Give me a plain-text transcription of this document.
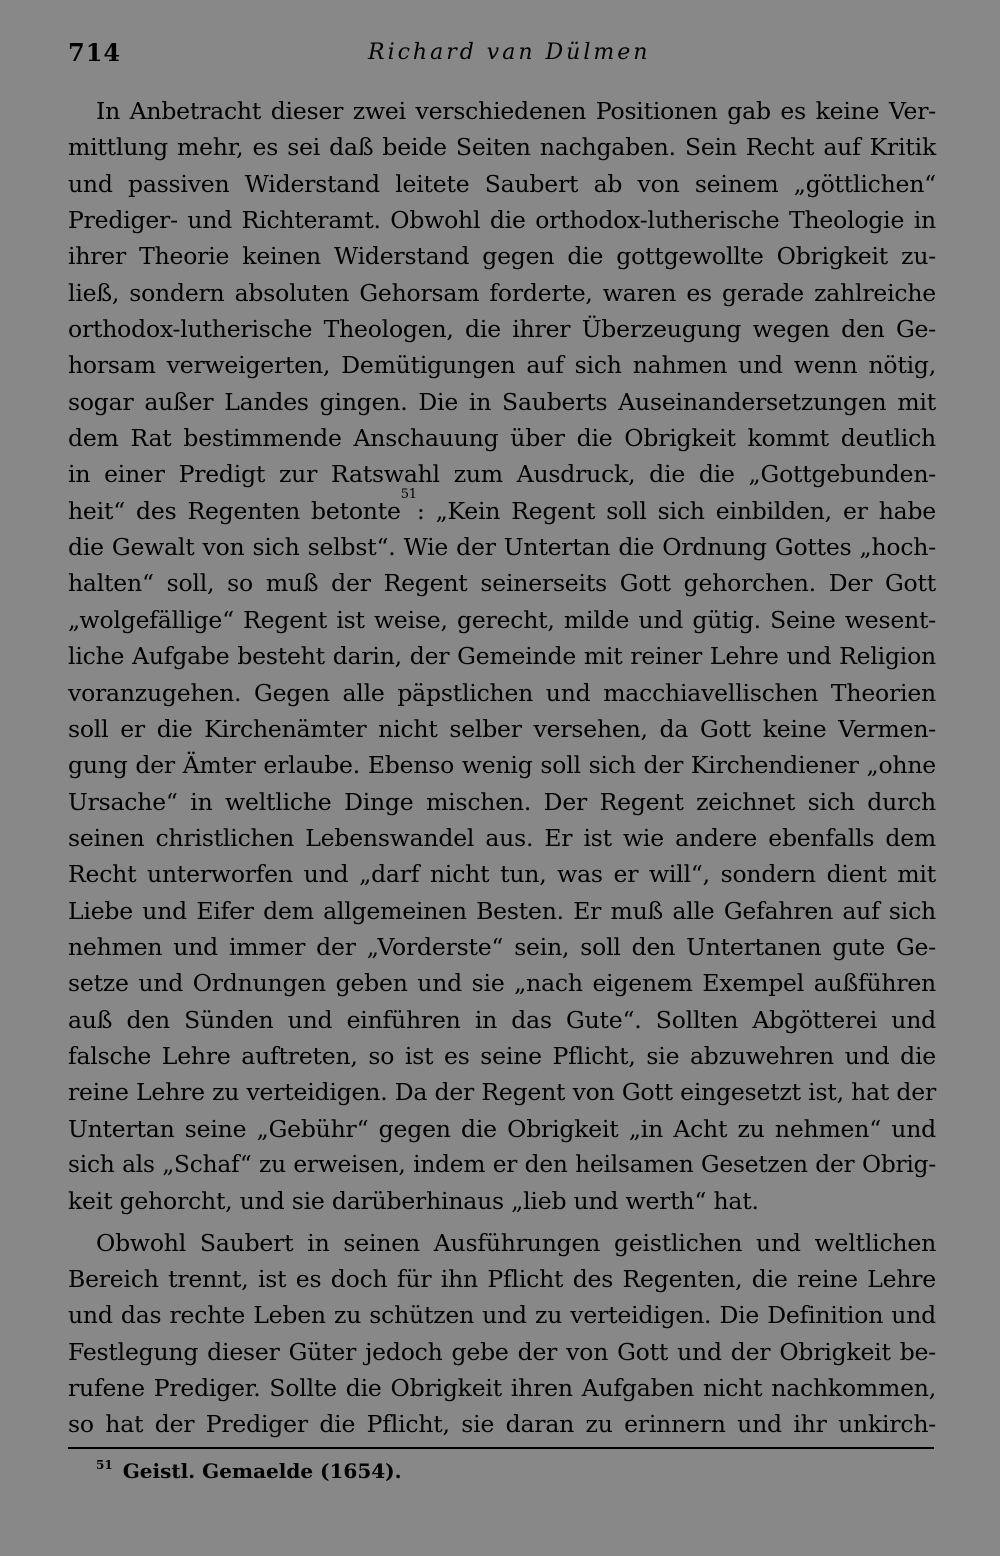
714	Richard van Dülmen
In Anbetracht dieser zwei verschiedenen Positionen gab es keine Ver-
mittlung mehr, es sei daß beide Seiten nachgaben. Sein Recht auf Kritik
und passiven Widerstand leitete Saubert ab von seinem „göttlichen“
Prediger- und Richteramt. Obwohl die orthodox-lutherische Theologie in
ihrer Theorie keinen Widerstand gegen die gottgewollte Obrigkeit zu-
ließ, sondern absoluten Gehorsam forderte, waren es gerade zahlreiche
orthodox-lutherische Theologen, die ihrer Überzeugung wegen den Ge-
horsam verweigerten, Demütigungen auf sich nahmen und wenn nötig,
sogar außer Landes gingen. Die in Sauberts Auseinandersetzungen mit
dem Rat bestimmende Anschauung über die Obrigkeit kommt deutlich
in einer Predigt zur Ratswahl zum Ausdruck, die die „Gottgebunden-
heit“ des Regenten betonte$^{51}$: „Kein Regent soll sich einbilden, er habe
die Gewalt von sich selbst“. Wie der Untertan die Ordnung Gottes „hoch-
halten“ soll, so muß der Regent seinerseits Gott gehorchen. Der Gott
„wolgefällige“ Regent ist weise, gerecht, milde und gütig. Seine wesent-
liche Aufgabe besteht darin, der Gemeinde mit reiner Lehre und Religion
voranzugehen. Gegen alle päpstlichen und macchiavellischen Theorien
soll er die Kirchenämter nicht selber versehen, da Gott keine Vermen-
gung der Ämter erlaube. Ebenso wenig soll sich der Kirchendiener „ohne
Ursache“ in weltliche Dinge mischen. Der Regent zeichnet sich durch
seinen christlichen Lebenswandel aus. Er ist wie andere ebenfalls dem
Recht unterworfen und „darf nicht tun, was er will“, sondern dient mit
Liebe und Eifer dem allgemeinen Besten. Er muß alle Gefahren auf sich
nehmen und immer der „Vorderste“ sein, soll den Untertanen gute Ge-
setze und Ordnungen geben und sie „nach eigenem Exempel außführen
auß den Sünden und einführen in das Gute“. Sollten Abgötterei und
falsche Lehre auftreten, so ist es seine Pflicht, sie abzuwehren und die
reine Lehre zu verteidigen. Da der Regent von Gott eingesetzt ist, hat der
Untertan seine „Gebühr“ gegen die Obrigkeit „in Acht zu nehmen“ und
sich als „Schaf“ zu erweisen, indem er den heilsamen Gesetzen der Obrig-
keit gehorcht, und sie darüberhinaus „lieb und werth“ hat.
Obwohl Saubert in seinen Ausführungen geistlichen und weltlichen
Bereich trennt, ist es doch für ihn Pflicht des Regenten, die reine Lehre
und das rechte Leben zu schützen und zu verteidigen. Die Definition und
Festlegung dieser Güter jedoch gebe der von Gott und der Obrigkeit be-
rufene Prediger. Sollte die Obrigkeit ihren Aufgaben nicht nachkommen,
so hat der Prediger die Pflicht, sie daran zu erinnern und ihr unkirch-
$^{51}$ Geistl. Gemaelde (1654).
